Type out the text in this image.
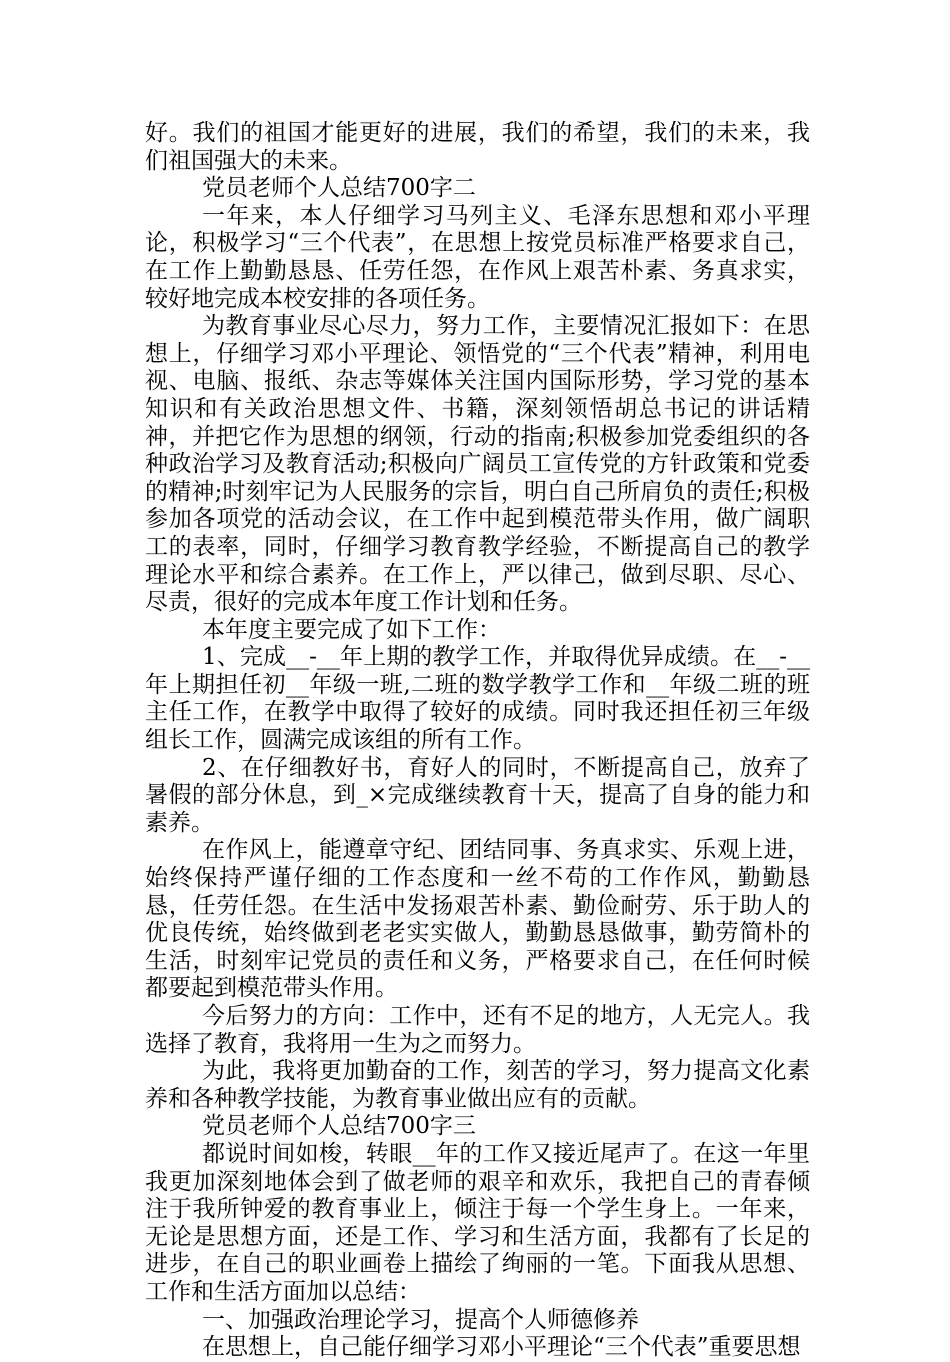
好。我们的祖国才能更好的进展，我们的希望，我们的未来，我们祖国强大的未来。

党员老师个人总结700字二

一年来，本人仔细学习马列主义、毛泽东思想和邓小平理论，积极学习“三个代表”，在思想上按党员标准严格要求自己，在工作上勤勤恳恳、任劳任怨，在作风上艰苦朴素、务真求实，较好地完成本校安排的各项任务。

为教育事业尽心尽力，努力工作，主要情况汇报如下：在思想上，仔细学习邓小平理论、领悟党的“三个代表”精神，利用电视、电脑、报纸、杂志等媒体关注国内国际形势，学习党的基本知识和有关政治思想文件、书籍，深刻领悟胡总书记的讲话精神，并把它作为思想的纲领，行动的指南;积极参加党委组织的各种政治学习及教育活动;积极向广阔员工宣传党的方针政策和党委的精神;时刻牢记为人民服务的宗旨，明白自己所肩负的责任;积极参加各项党的活动会议，在工作中起到模范带头作用，做广阔职工的表率，同时，仔细学习教育教学经验，不断提高自己的教学理论水平和综合素养。在工作上，严以律己，做到尽职、尽心、尽责，很好的完成本年度工作计划和任务。

本年度主要完成了如下工作：

1、完成__-__年上期的教学工作，并取得优异成绩。在__-__年上期担任初__年级一班,二班的数学教学工作和__年级二班的班主任工作，在教学中取得了较好的成绩。同时我还担任初三年级组长工作，圆满完成该组的所有工作。

2、在仔细教好书，育好人的同时，不断提高自己，放弃了暑假的部分休息，到_×完成继续教育十天，提高了自身的能力和素养。

在作风上，能遵章守纪、团结同事、务真求实、乐观上进，始终保持严谨仔细的工作态度和一丝不苟的工作作风，勤勤恳恳，任劳任怨。在生活中发扬艰苦朴素、勤俭耐劳、乐于助人的优良传统，始终做到老老实实做人，勤勤恳恳做事，勤劳简朴的生活，时刻牢记党员的责任和义务，严格要求自己，在任何时候都要起到模范带头作用。

今后努力的方向：工作中，还有不足的地方，人无完人。我选择了教育，我将用一生为之而努力。

为此，我将更加勤奋的工作，刻苦的学习，努力提高文化素养和各种教学技能，为教育事业做出应有的贡献。

党员老师个人总结700字三

都说时间如梭，转眼__年的工作又接近尾声了。在这一年里我更加深刻地体会到了做老师的艰辛和欢乐，我把自己的青春倾注于我所钟爱的教育事业上，倾注于每一个学生身上。一年来，无论是思想方面，还是工作、学习和生活方面，我都有了长足的进步，在自己的职业画卷上描绘了绚丽的一笔。下面我从思想、工作和生活方面加以总结：

一、加强政治理论学习，提高个人师德修养

在思想上，自己能仔细学习邓小平理论“三个代表”重要思想
